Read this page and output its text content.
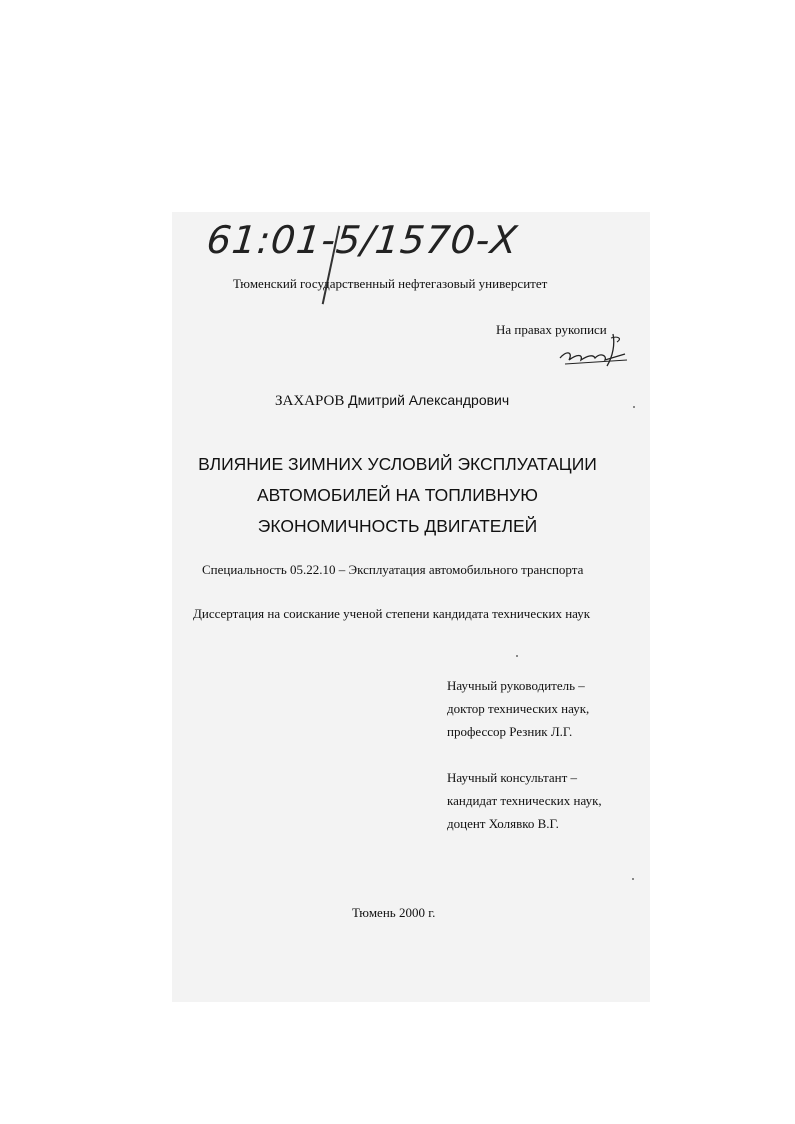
61:01-5/1570-Х
Тюменский государственный нефтегазовый университет
На правах рукописи
ЗАХАРОВ Дмитрий Александрович
ВЛИЯНИЕ ЗИМНИХ УСЛОВИЙ ЭКСПЛУАТАЦИИ
АВТОМОБИЛЕЙ НА ТОПЛИВНУЮ
ЭКОНОМИЧНОСТЬ ДВИГАТЕЛЕЙ
Специальность 05.22.10 – Эксплуатация автомобильного транспорта
Диссертация на соискание ученой степени кандидата технических наук
Научный руководитель –
доктор технических наук,
профессор Резник Л.Г.
Научный консультант –
кандидат технических наук,
доцент Холявко В.Г.
Тюмень 2000 г.
